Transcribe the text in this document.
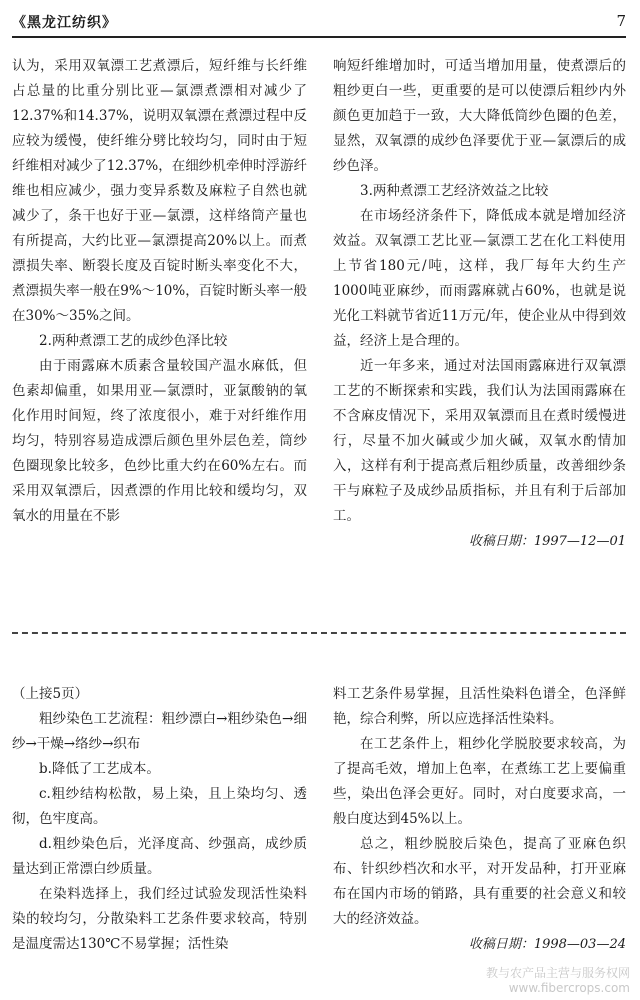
《黑龙江纺织》	7

认为，采用双氧漂工艺煮漂后，短纤维与长纤维占总量的比重分别比亚—氯漂煮漂相对减少了12.37%和14.37%，说明双氧漂在煮漂过程中反应较为缓慢，使纤维分劈比较均匀，同时由于短纤维相对减少了12.37%，在细纱机牵伸时浮游纤维也相应减少，强力变异系数及麻粒子自然也就减少了，条干也好于亚—氯漂，这样络筒产量也有所提高，大约比亚—氯漂提高20%以上。而煮漂损失率、断裂长度及百锭时断头率变化不大，煮漂损失率一般在9%～10%，百锭时断头率一般在30%～35%之间。

2.两种煮漂工艺的成纱色泽比较

由于雨露麻木质素含量较国产温水麻低，但色素却偏重，如果用亚—氯漂时，亚氯酸钠的氧化作用时间短，终了浓度很小，难于对纤维作用均匀，特别容易造成漂后颜色里外层色差，筒纱色圈现象比较多，色纱比重大约在60%左右。而采用双氧漂后，因煮漂的作用比较和缓均匀，双氧水的用量在不影

响短纤维增加时，可适当增加用量，使煮漂后的粗纱更白一些，更重要的是可以使漂后粗纱内外颜色更加趋于一致，大大降低筒纱色圈的色差，显然，双氧漂的成纱色泽要优于亚—氯漂后的成纱色泽。

3.两种煮漂工艺经济效益之比较

在市场经济条件下，降低成本就是增加经济效益。双氧漂工艺比亚—氯漂工艺在化工料使用上节省180元/吨，这样，我厂每年大约生产1000吨亚麻纱，而雨露麻就占60%，也就是说光化工料就节省近11万元/年，使企业从中得到效益，经济上是合理的。

近一年多来，通过对法国雨露麻进行双氧漂工艺的不断探索和实践，我们认为法国雨露麻在不含麻皮情况下，采用双氧漂而且在煮时缓慢进行，尽量不加火碱或少加火碱，双氧水酌情加入，这样有利于提高煮后粗纱质量，改善细纱条干与麻粒子及成纱品质指标，并且有利于后部加工。

收稿日期：1997—12—01

（上接5页）

粗纱染色工艺流程：粗纱漂白→粗纱染色→细纱→干燥→络纱→织布

b.降低了工艺成本。

c.粗纱结构松散，易上染，且上染均匀、透彻，色牢度高。

d.粗纱染色后，光泽度高、纱强高，成纱质量达到正常漂白纱质量。

在染料选择上，我们经过试验发现活性染料染的较均匀，分散染料工艺条件要求较高，特别是温度需达130℃不易掌握；活性染

料工艺条件易掌握，且活性染料色谱全，色泽鲜艳，综合利弊，所以应选择活性染料。

在工艺条件上，粗纱化学脱胶要求较高，为了提高毛效，增加上色率，在煮练工艺上要偏重些，染出色泽会更好。同时，对白度要求高，一般白度达到45%以上。

总之，粗纱脱胶后染色，提高了亚麻色织布、针织纱档次和水平，对开发品种，打开亚麻布在国内市场的销路，具有重要的社会意义和较大的经济效益。

收稿日期：1998—03—24

教与农产品主营与服务权网
www.fibercrops.com
